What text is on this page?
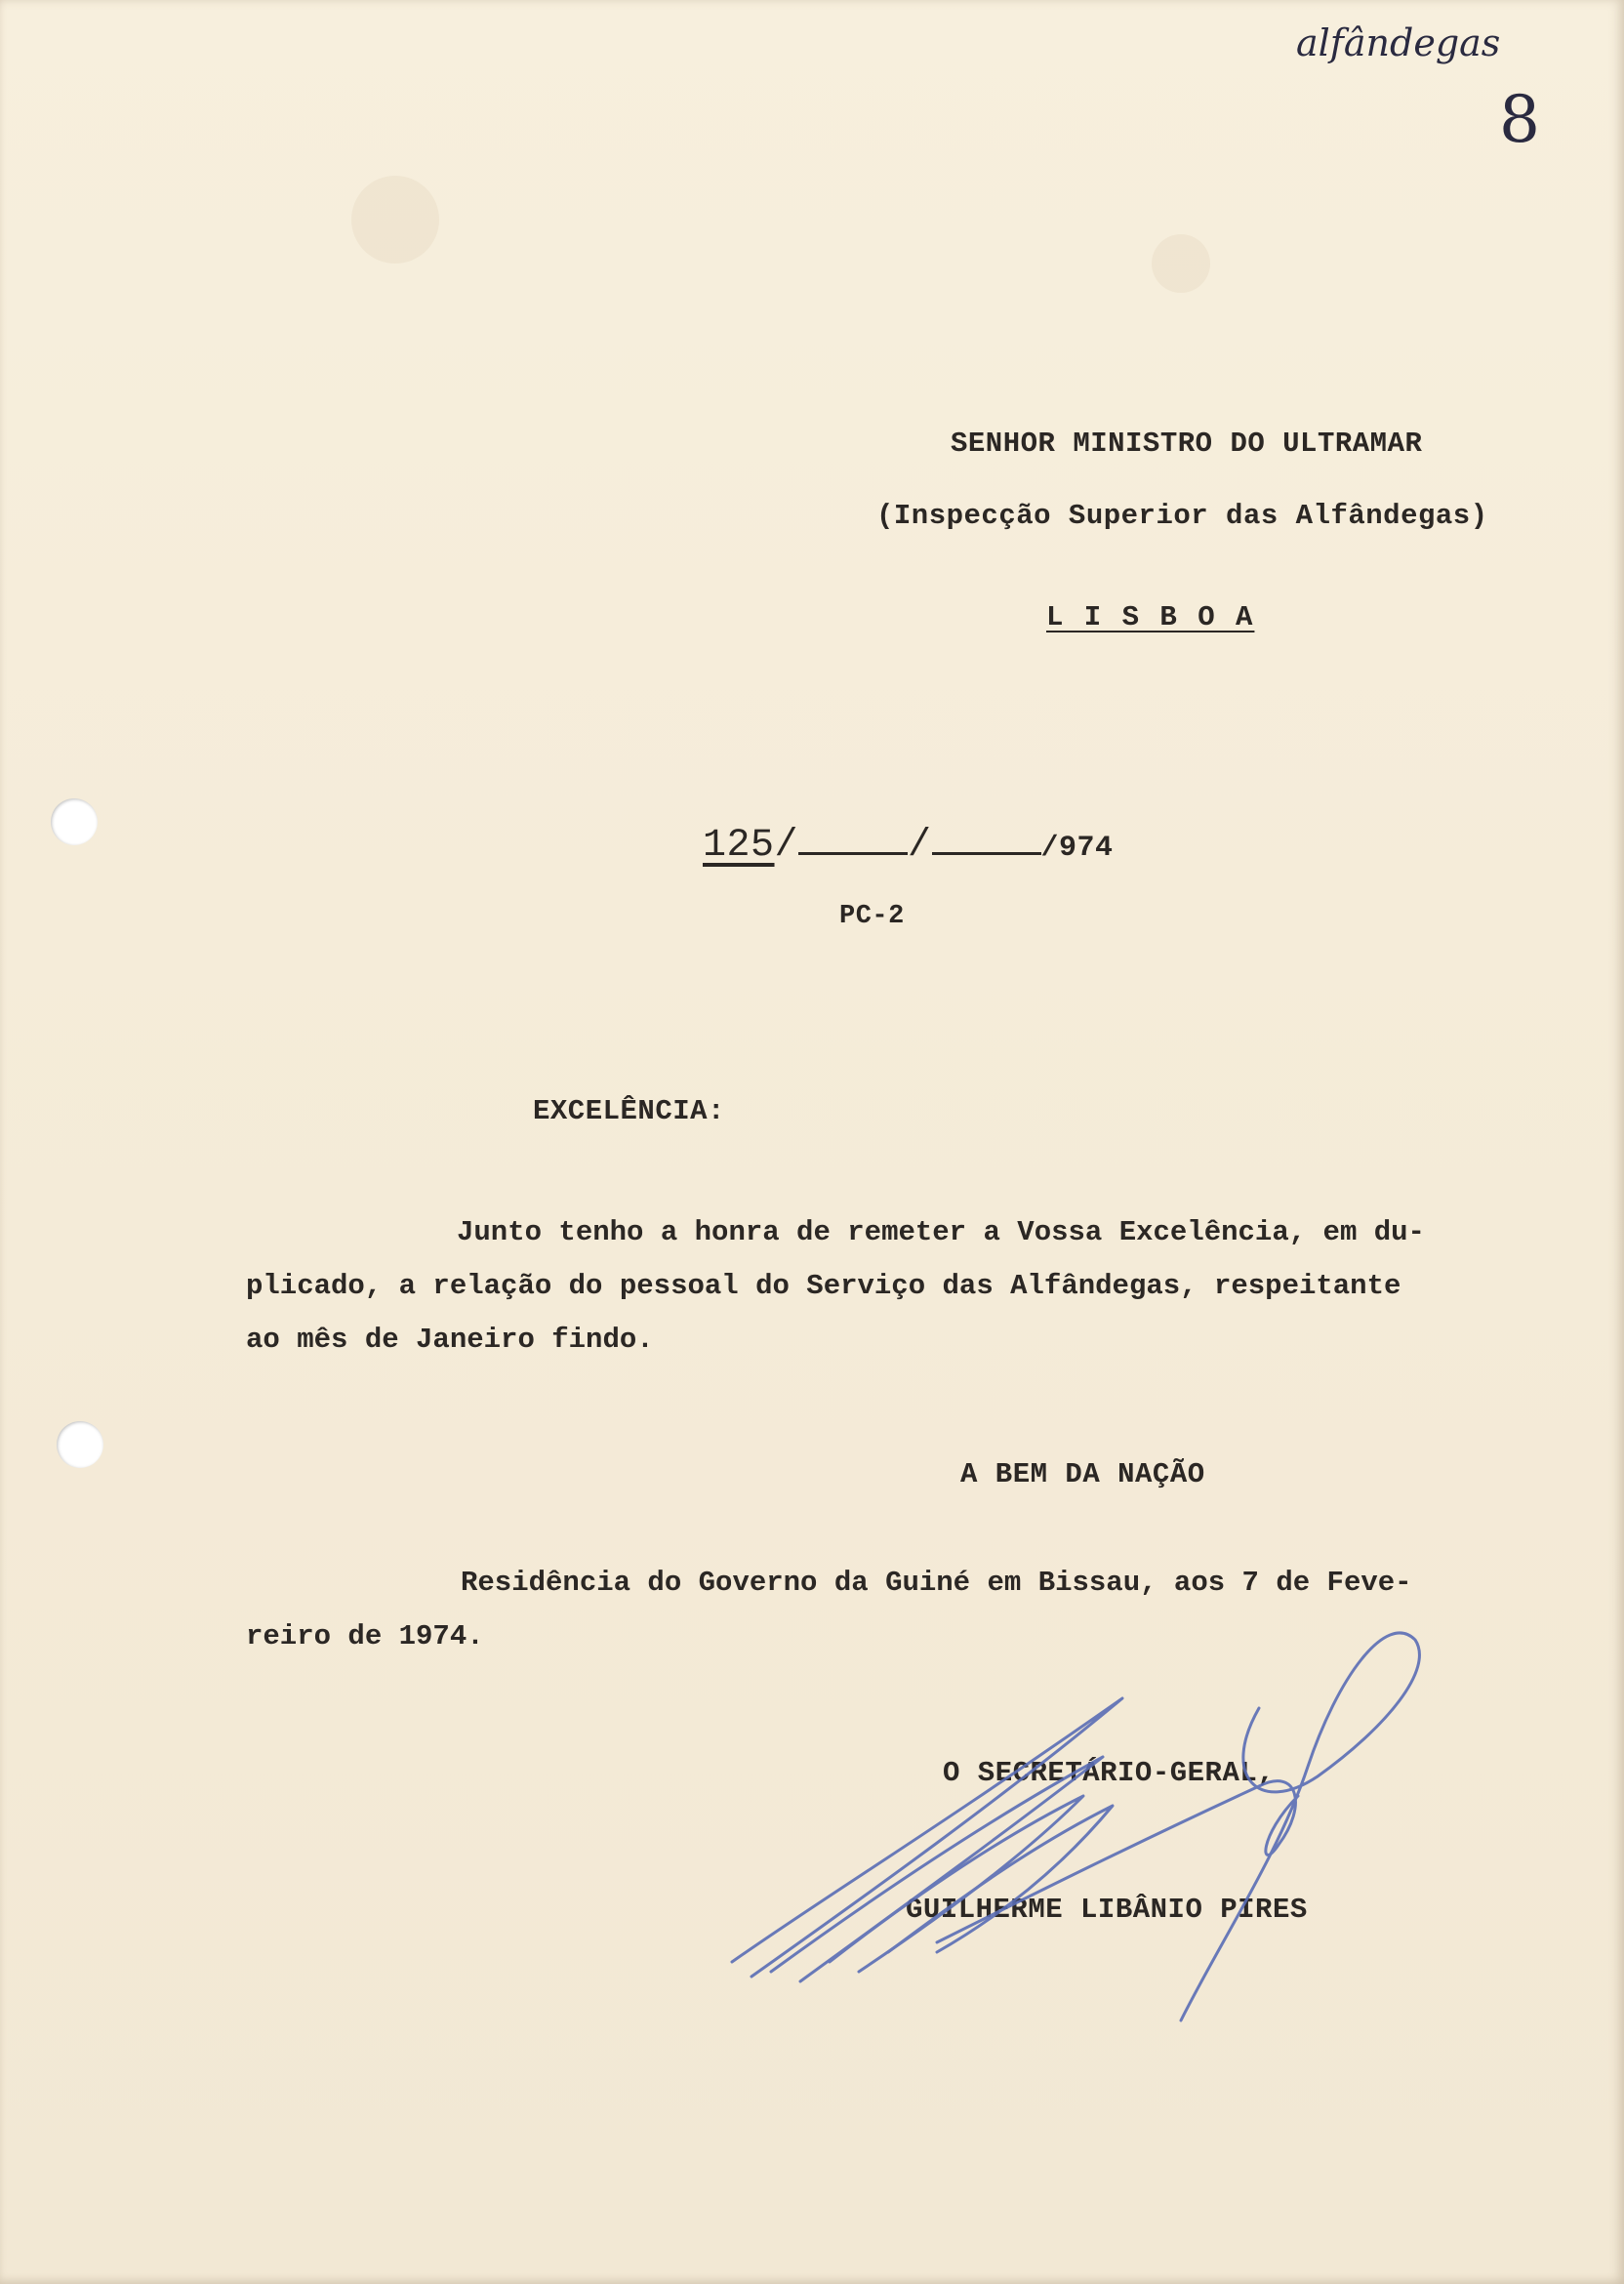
alfândegas
8
SENHOR MINISTRO DO ULTRAMAR
(Inspecção Superior das Alfândegas)
L I S B O A
125/	/	/974
PC-2
EXCELÊNCIA:
Junto tenho a honra de remeter a Vossa Excelência, em du-
plicado, a relação do pessoal do Serviço das Alfândegas, respeitante
ao mês de Janeiro findo.
A BEM DA NAÇÃO
Residência do Governo da Guiné em Bissau, aos 7 de Feve-
reiro de 1974.
O SECRETÁRIO-GERAL,
GUILHERME LIBÂNIO PIRES
